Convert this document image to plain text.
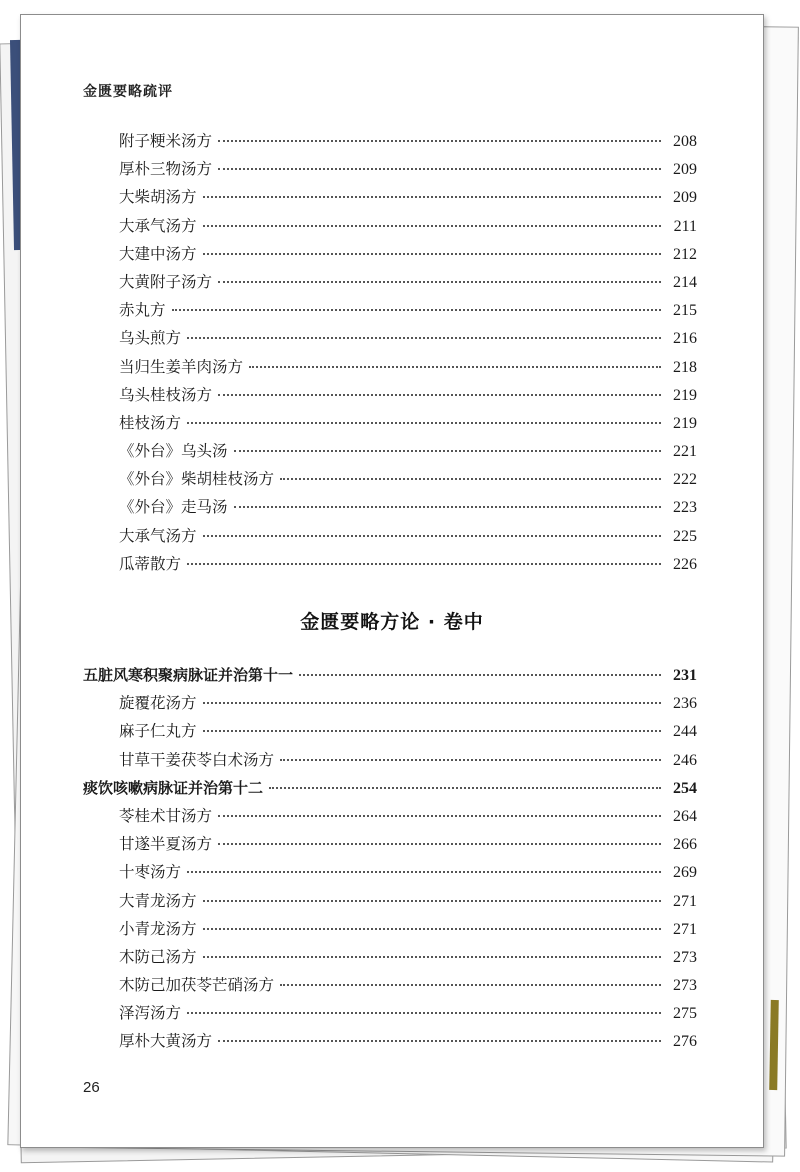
金匮要略疏评
附子粳米汤方	208
厚朴三物汤方	209
大柴胡汤方	209
大承气汤方	211
大建中汤方	212
大黄附子汤方	214
赤丸方	215
乌头煎方	216
当归生姜羊肉汤方	218
乌头桂枝汤方	219
桂枝汤方	219
《外台》乌头汤	221
《外台》柴胡桂枝汤方	222
《外台》走马汤	223
大承气汤方	225
瓜蒂散方	226
金匮要略方论 · 卷中
五脏风寒积聚病脉证并治第十一	231
旋覆花汤方	236
麻子仁丸方	244
甘草干姜茯苓白术汤方	246
痰饮咳嗽病脉证并治第十二	254
苓桂术甘汤方	264
甘遂半夏汤方	266
十枣汤方	269
大青龙汤方	271
小青龙汤方	271
木防己汤方	273
木防己加茯苓芒硝汤方	273
泽泻汤方	275
厚朴大黄汤方	276
26
